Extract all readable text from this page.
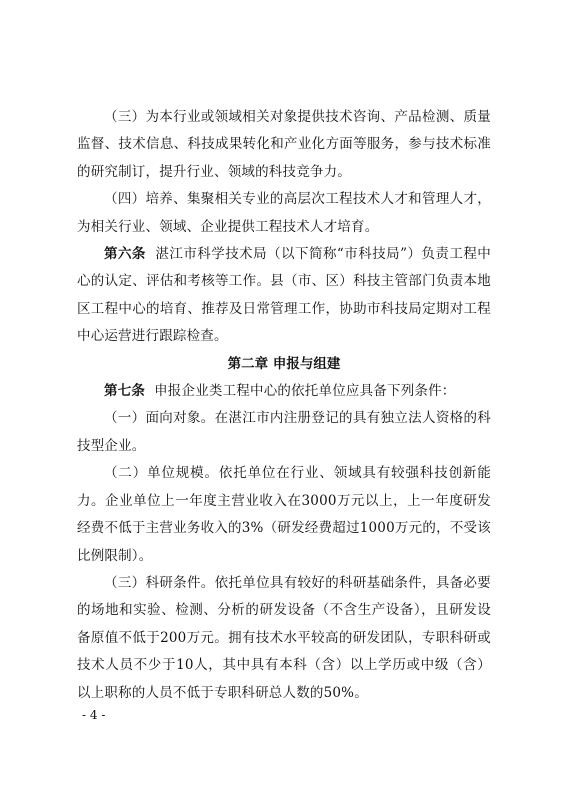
（三）为本行业或领域相关对象提供技术咨询、产品检测、质量监督、技术信息、科技成果转化和产业化方面等服务，参与技术标准的研究制订，提升行业、领域的科技竞争力。

（四）培养、集聚相关专业的高层次工程技术人才和管理人才，为相关行业、领域、企业提供工程技术人才培育。

第六条 湛江市科学技术局（以下简称“市科技局”）负责工程中心的认定、评估和考核等工作。县（市、区）科技主管部门负责本地区工程中心的培育、推荐及日常管理工作，协助市科技局定期对工程中心运营进行跟踪检查。

第二章 申报与组建

第七条 申报企业类工程中心的依托单位应具备下列条件：

（一）面向对象。在湛江市内注册登记的具有独立法人资格的科技型企业。

（二）单位规模。依托单位在行业、领域具有较强科技创新能力。企业单位上一年度主营业收入在3000万元以上，上一年度研发经费不低于主营业务收入的3%（研发经费超过1000万元的，不受该比例限制）。

（三）科研条件。依托单位具有较好的科研基础条件，具备必要的场地和实验、检测、分析的研发设备（不含生产设备），且研发设备原值不低于200万元。拥有技术水平较高的研发团队，专职科研或技术人员不少于10人，其中具有本科（含）以上学历或中级（含）以上职称的人员不低于专职科研总人数的50%。

- 4 -
